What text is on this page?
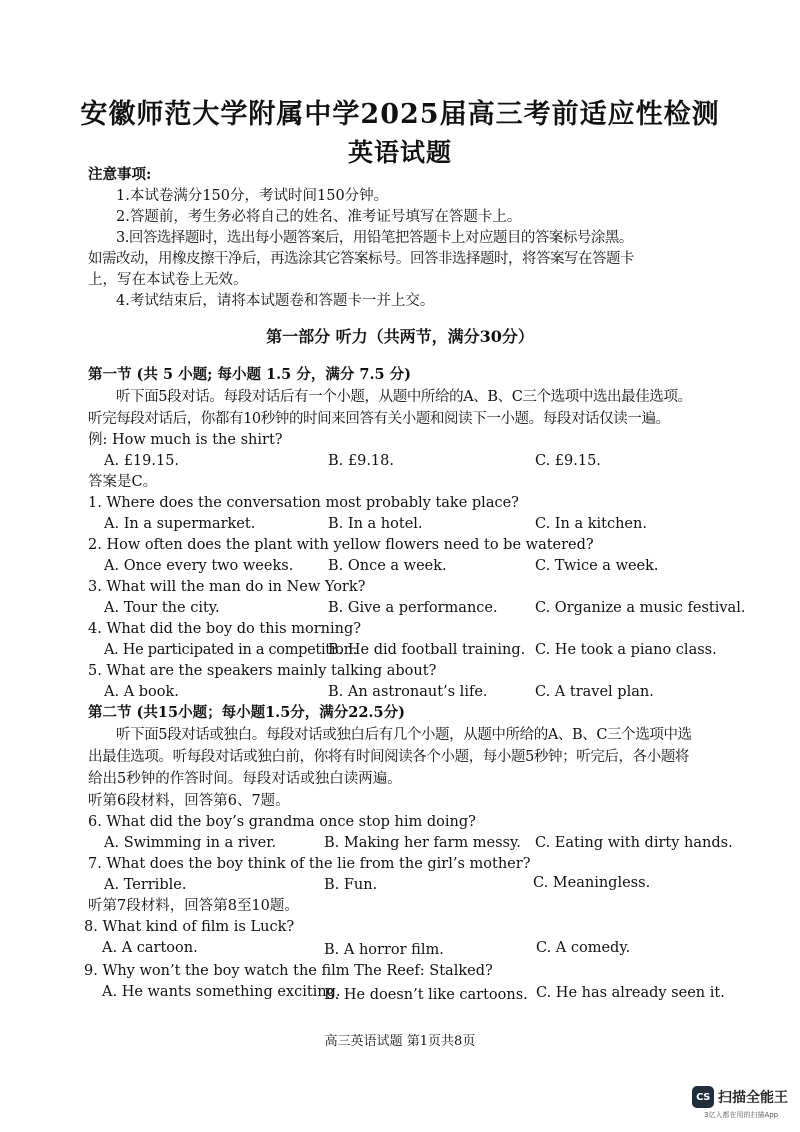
安徽师范大学附属中学2025届高三考前适应性检测
英语试题
注意事项:
1.本试卷满分150分，考试时间150分钟。
2.答题前，考生务必将自己的姓名、准考证号填写在答题卡上。
3.回答选择题时，选出每小题答案后，用铅笔把答题卡上对应题目的答案标号涂黑。
如需改动，用橡皮擦干净后，再选涂其它答案标号。回答非选择题时，将答案写在答题卡
上，写在本试卷上无效。
4.考试结束后，请将本试题卷和答题卡一并上交。
第一部分 听力（共两节，满分30分）
第一节 (共 5 小题; 每小题 1.5 分，满分 7.5 分)
听下面5段对话。每段对话后有一个小题，从题中所给的A、B、C三个选项中选出最佳选项。
听完每段对话后，你都有10秒钟的时间来回答有关小题和阅读下一小题。每段对话仅读一遍。
例: How much is the shirt?
A. £19.15.	B. £9.18.	C. £9.15.
答案是C。
1. Where does the conversation most probably take place?
A. In a supermarket.	B. In a hotel.	C. In a kitchen.
2. How often does the plant with yellow flowers need to be watered?
A. Once every two weeks. B. Once a week.	C. Twice a week.
3. What will the man do in New York?
A. Tour the city.	B. Give a performance.	C. Organize a music festival.
4. What did the boy do this morning?
A. He participated in a competition.
B. He did football training. C. He took a piano class.
5. What are the speakers mainly talking about?
A. A book.	B. An astronaut’s life.	C. A travel plan.
第二节 (共15小题；每小题1.5分，满分22.5分)
听下面5段对话或独白。每段对话或独白后有几个小题，从题中所给的A、B、C三个选项中选
出最佳选项。听每段对话或独白前，你将有时间阅读各个小题，每小题5秒钟；听完后，各小题将
给出5秒钟的作答时间。每段对话或独白读两遍。
听第6段材料，回答第6、7题。
6. What did the boy’s grandma once stop him doing?
A. Swimming in a river.	B. Making her farm messy. C. Eating with dirty hands.
7. What does the boy think of the lie from the girl’s mother?
A. Terrible.	B. Fun.	C. Meaningless.
听第7段材料，回答第8至10题。
8. What kind of film is Luck?
A. A cartoon.	B. A horror film.	C. A comedy.
9. Why won’t the boy watch the film The Reef: Stalked?
A. He wants something exciting.
B. He doesn’t like cartoons. C. He has already seen it.
高三英语试题 第1页共8页
CS 扫描全能王
3亿人都在用的扫描App
